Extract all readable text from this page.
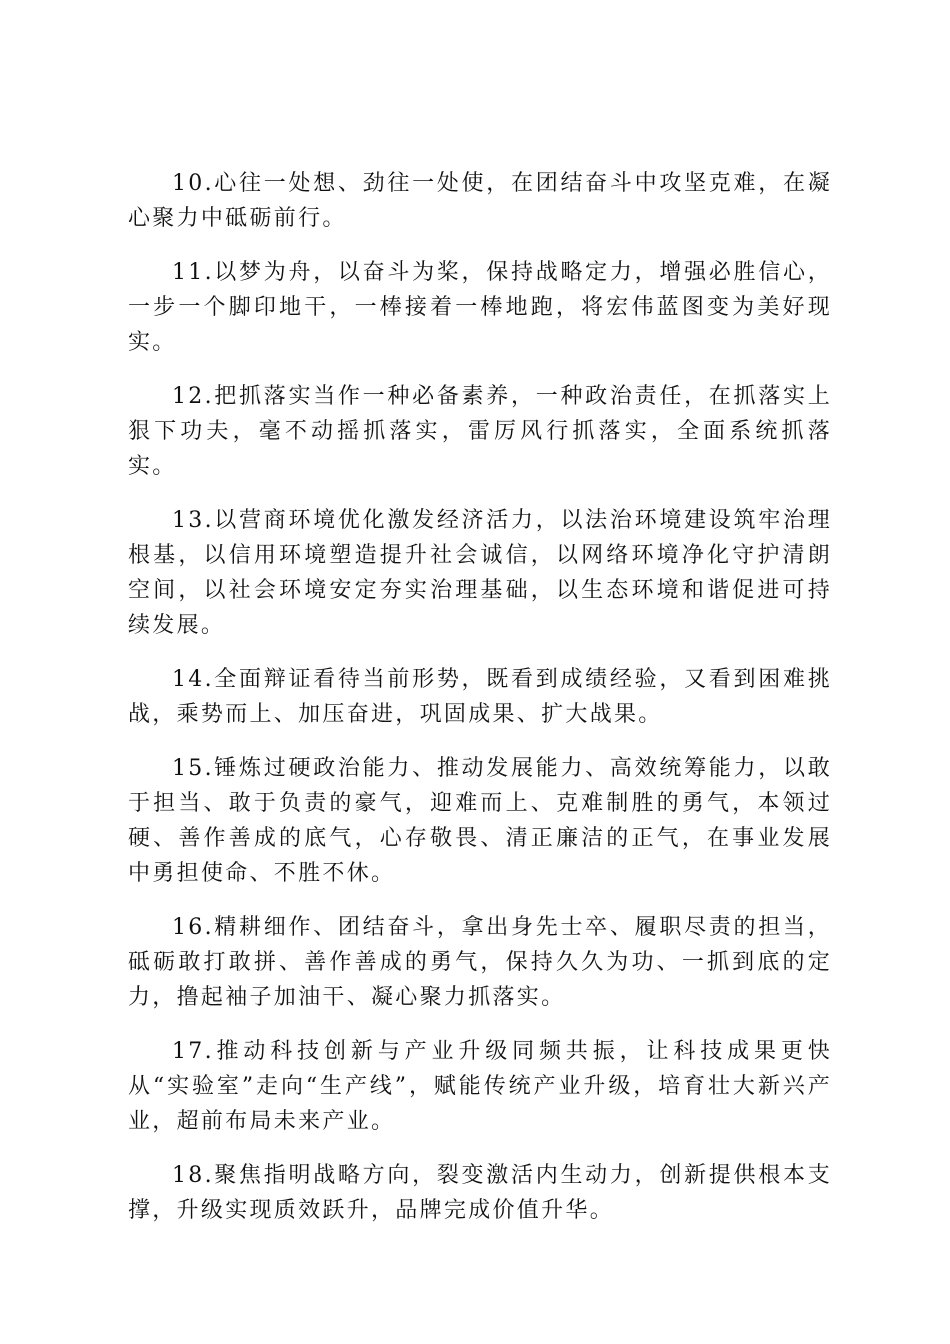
10.心往一处想、劲往一处使，在团结奋斗中攻坚克难，在凝心聚力中砥砺前行。

11.以梦为舟，以奋斗为桨，保持战略定力，增强必胜信心，一步一个脚印地干，一棒接着一棒地跑，将宏伟蓝图变为美好现实。

12.把抓落实当作一种必备素养，一种政治责任，在抓落实上狠下功夫，毫不动摇抓落实，雷厉风行抓落实，全面系统抓落实。

13.以营商环境优化激发经济活力，以法治环境建设筑牢治理根基，以信用环境塑造提升社会诚信，以网络环境净化守护清朗空间，以社会环境安定夯实治理基础，以生态环境和谐促进可持续发展。

14.全面辩证看待当前形势，既看到成绩经验，又看到困难挑战，乘势而上、加压奋进，巩固成果、扩大战果。

15.锤炼过硬政治能力、推动发展能力、高效统筹能力，以敢于担当、敢于负责的豪气，迎难而上、克难制胜的勇气，本领过硬、善作善成的底气，心存敬畏、清正廉洁的正气，在事业发展中勇担使命、不胜不休。

16.精耕细作、团结奋斗，拿出身先士卒、履职尽责的担当，砥砺敢打敢拼、善作善成的勇气，保持久久为功、一抓到底的定力，撸起袖子加油干、凝心聚力抓落实。

17.推动科技创新与产业升级同频共振，让科技成果更快从“实验室”走向“生产线”，赋能传统产业升级，培育壮大新兴产业，超前布局未来产业。

18.聚焦指明战略方向，裂变激活内生动力，创新提供根本支撑，升级实现质效跃升，品牌完成价值升华。
